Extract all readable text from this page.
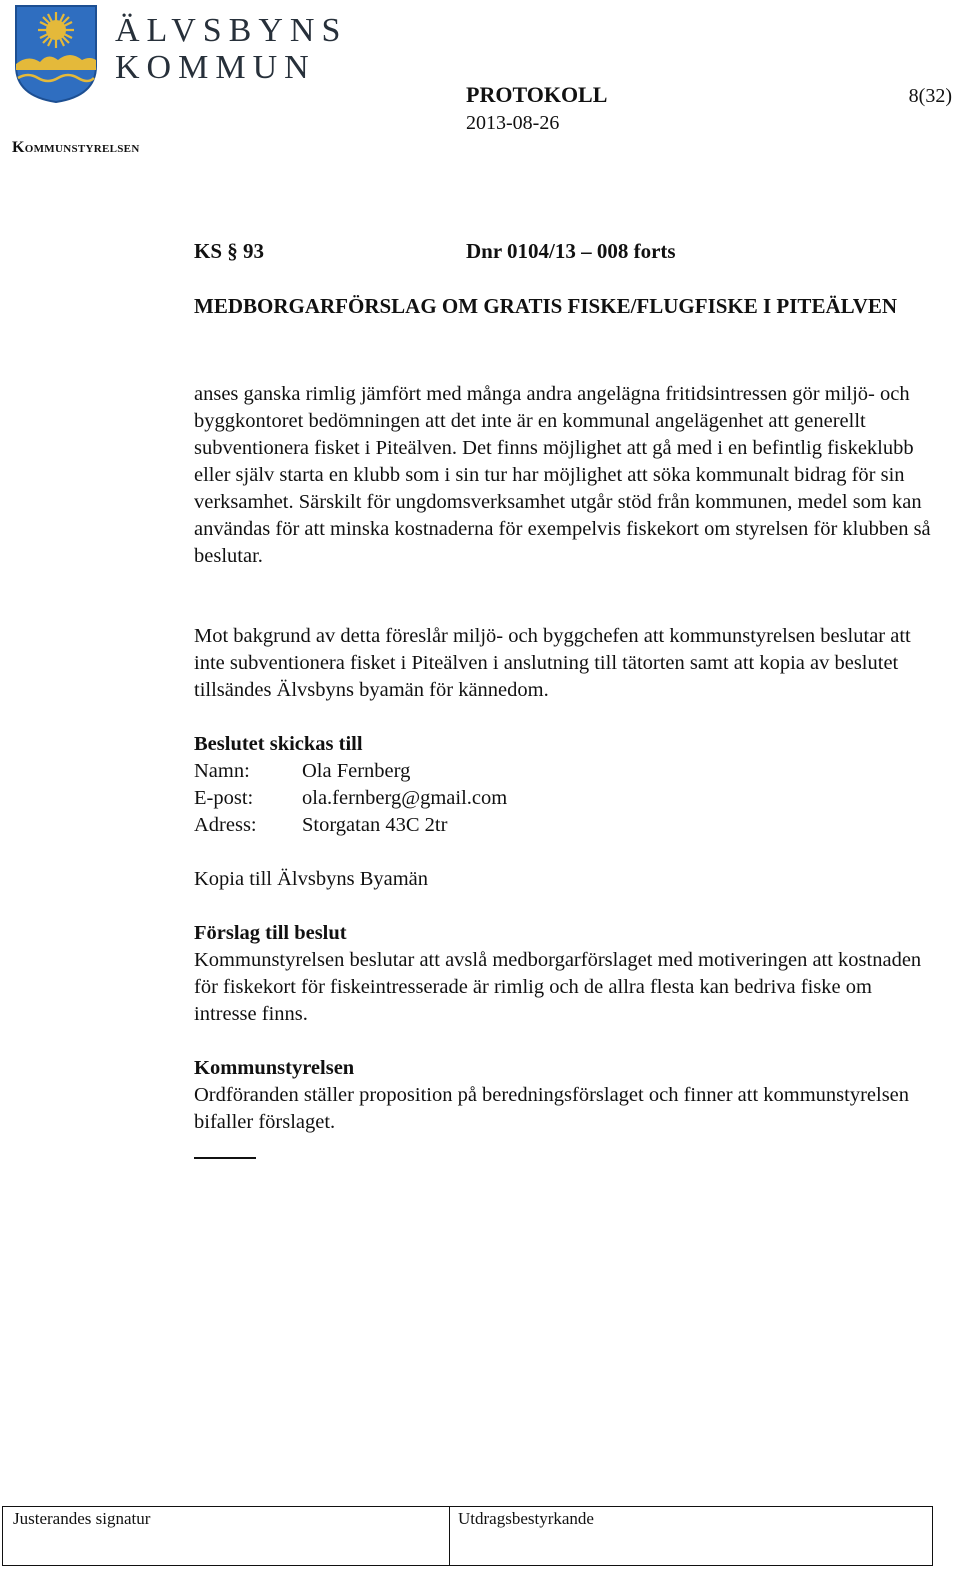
ÄLVSBYNS
KOMMUN
Kommunstyrelsen
PROTOKOLL
2013-08-26
8(32)
KS § 93	Dnr 0104/13 – 008 forts
MEDBORGARFÖRSLAG OM GRATIS FISKE/FLUGFISKE I PITEÄLVEN
anses ganska rimlig jämfört med många andra angelägna fritidsintressen gör miljö- och byggkontoret bedömningen att det inte är en kommunal angelägenhet att generellt subventionera fisket i Piteälven. Det finns möjlighet att gå med i en befintlig fiskeklubb eller själv starta en klubb som i sin tur har möjlighet att söka kommunalt bidrag för sin verksamhet. Särskilt för ungdomsverksamhet utgår stöd från kommunen, medel som kan användas för att minska kostnaderna för exempelvis fiskekort om styrelsen för klubben så beslutar.
Mot bakgrund av detta föreslår miljö- och byggchefen att kommunstyrelsen beslutar att inte subventionera fisket i Piteälven i anslutning till tätorten samt att kopia av beslutet tillsändes Älvsbyns byamän för kännedom.
Beslutet skickas till
Namn:	Ola Fernberg
E-post: ola.fernberg@gmail.com
Adress: Storgatan 43C 2tr
Kopia till Älvsbyns Byamän
Förslag till beslut
Kommunstyrelsen beslutar att avslå medborgarförslaget med motiveringen att kostnaden för fiskekort för fiskeintresserade är rimlig och de allra flesta kan bedriva fiske om intresse finns.
Kommunstyrelsen
Ordföranden ställer proposition på beredningsförslaget och finner att kommunstyrelsen bifaller förslaget.
Justerandes signatur	Utdragsbestyrkande
